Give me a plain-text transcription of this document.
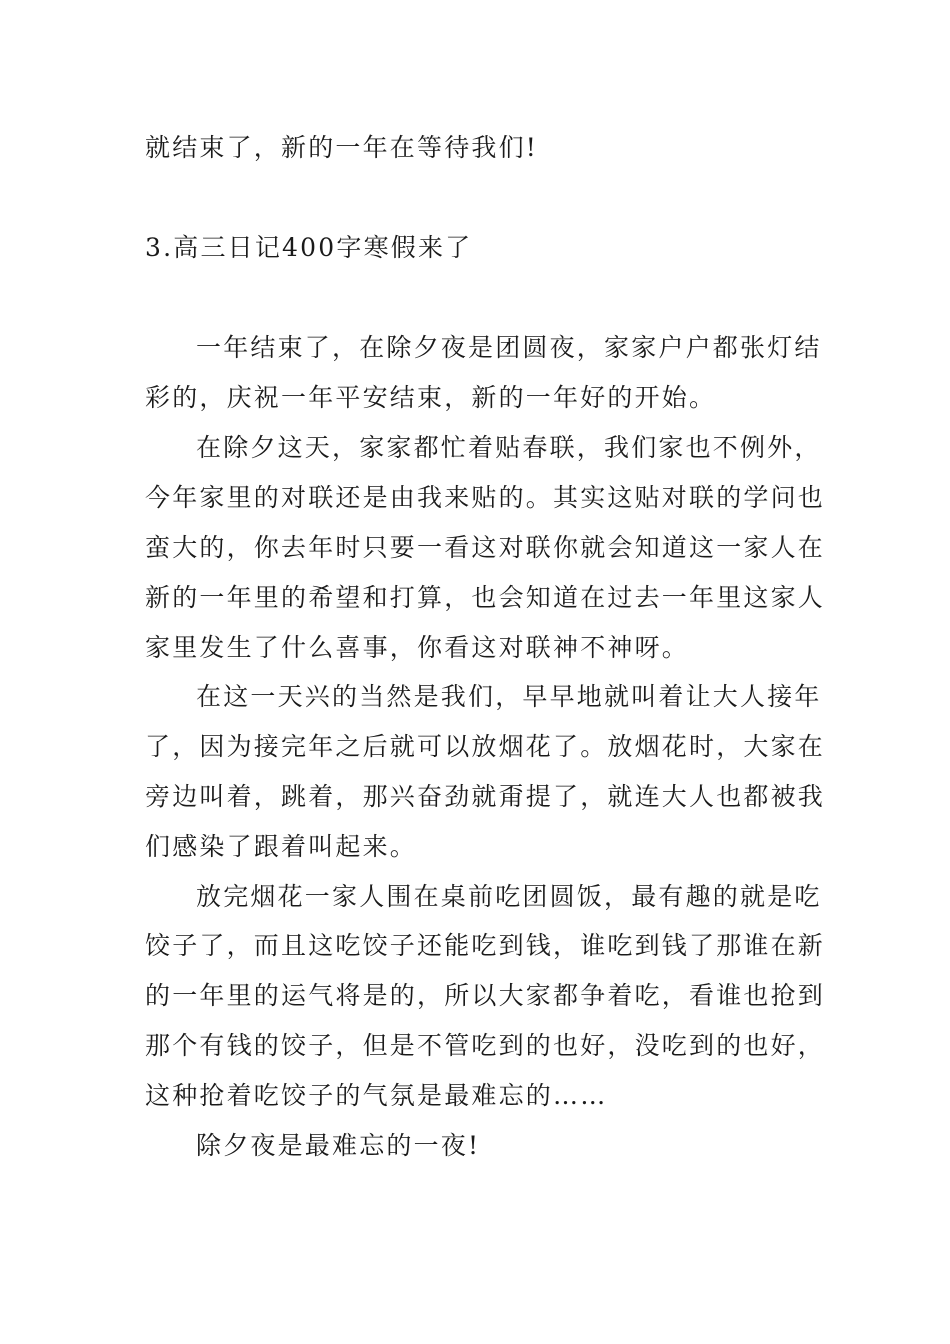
就结束了，新的一年在等待我们!
3.高三日记400字寒假来了
一年结束了，在除夕夜是团圆夜，家家户户都张灯结
彩的，庆祝一年平安结束，新的一年好的开始。
在除夕这天，家家都忙着贴春联，我们家也不例外，
今年家里的对联还是由我来贴的。其实这贴对联的学问也
蛮大的，你去年时只要一看这对联你就会知道这一家人在
新的一年里的希望和打算，也会知道在过去一年里这家人
家里发生了什么喜事，你看这对联神不神呀。
在这一天兴的当然是我们，早早地就叫着让大人接年
了，因为接完年之后就可以放烟花了。放烟花时，大家在
旁边叫着，跳着，那兴奋劲就甭提了，就连大人也都被我
们感染了跟着叫起来。
放完烟花一家人围在桌前吃团圆饭，最有趣的就是吃
饺子了，而且这吃饺子还能吃到钱，谁吃到钱了那谁在新
的一年里的运气将是的，所以大家都争着吃，看谁也抢到
那个有钱的饺子，但是不管吃到的也好，没吃到的也好，
这种抢着吃饺子的气氛是最难忘的……
除夕夜是最难忘的一夜!
